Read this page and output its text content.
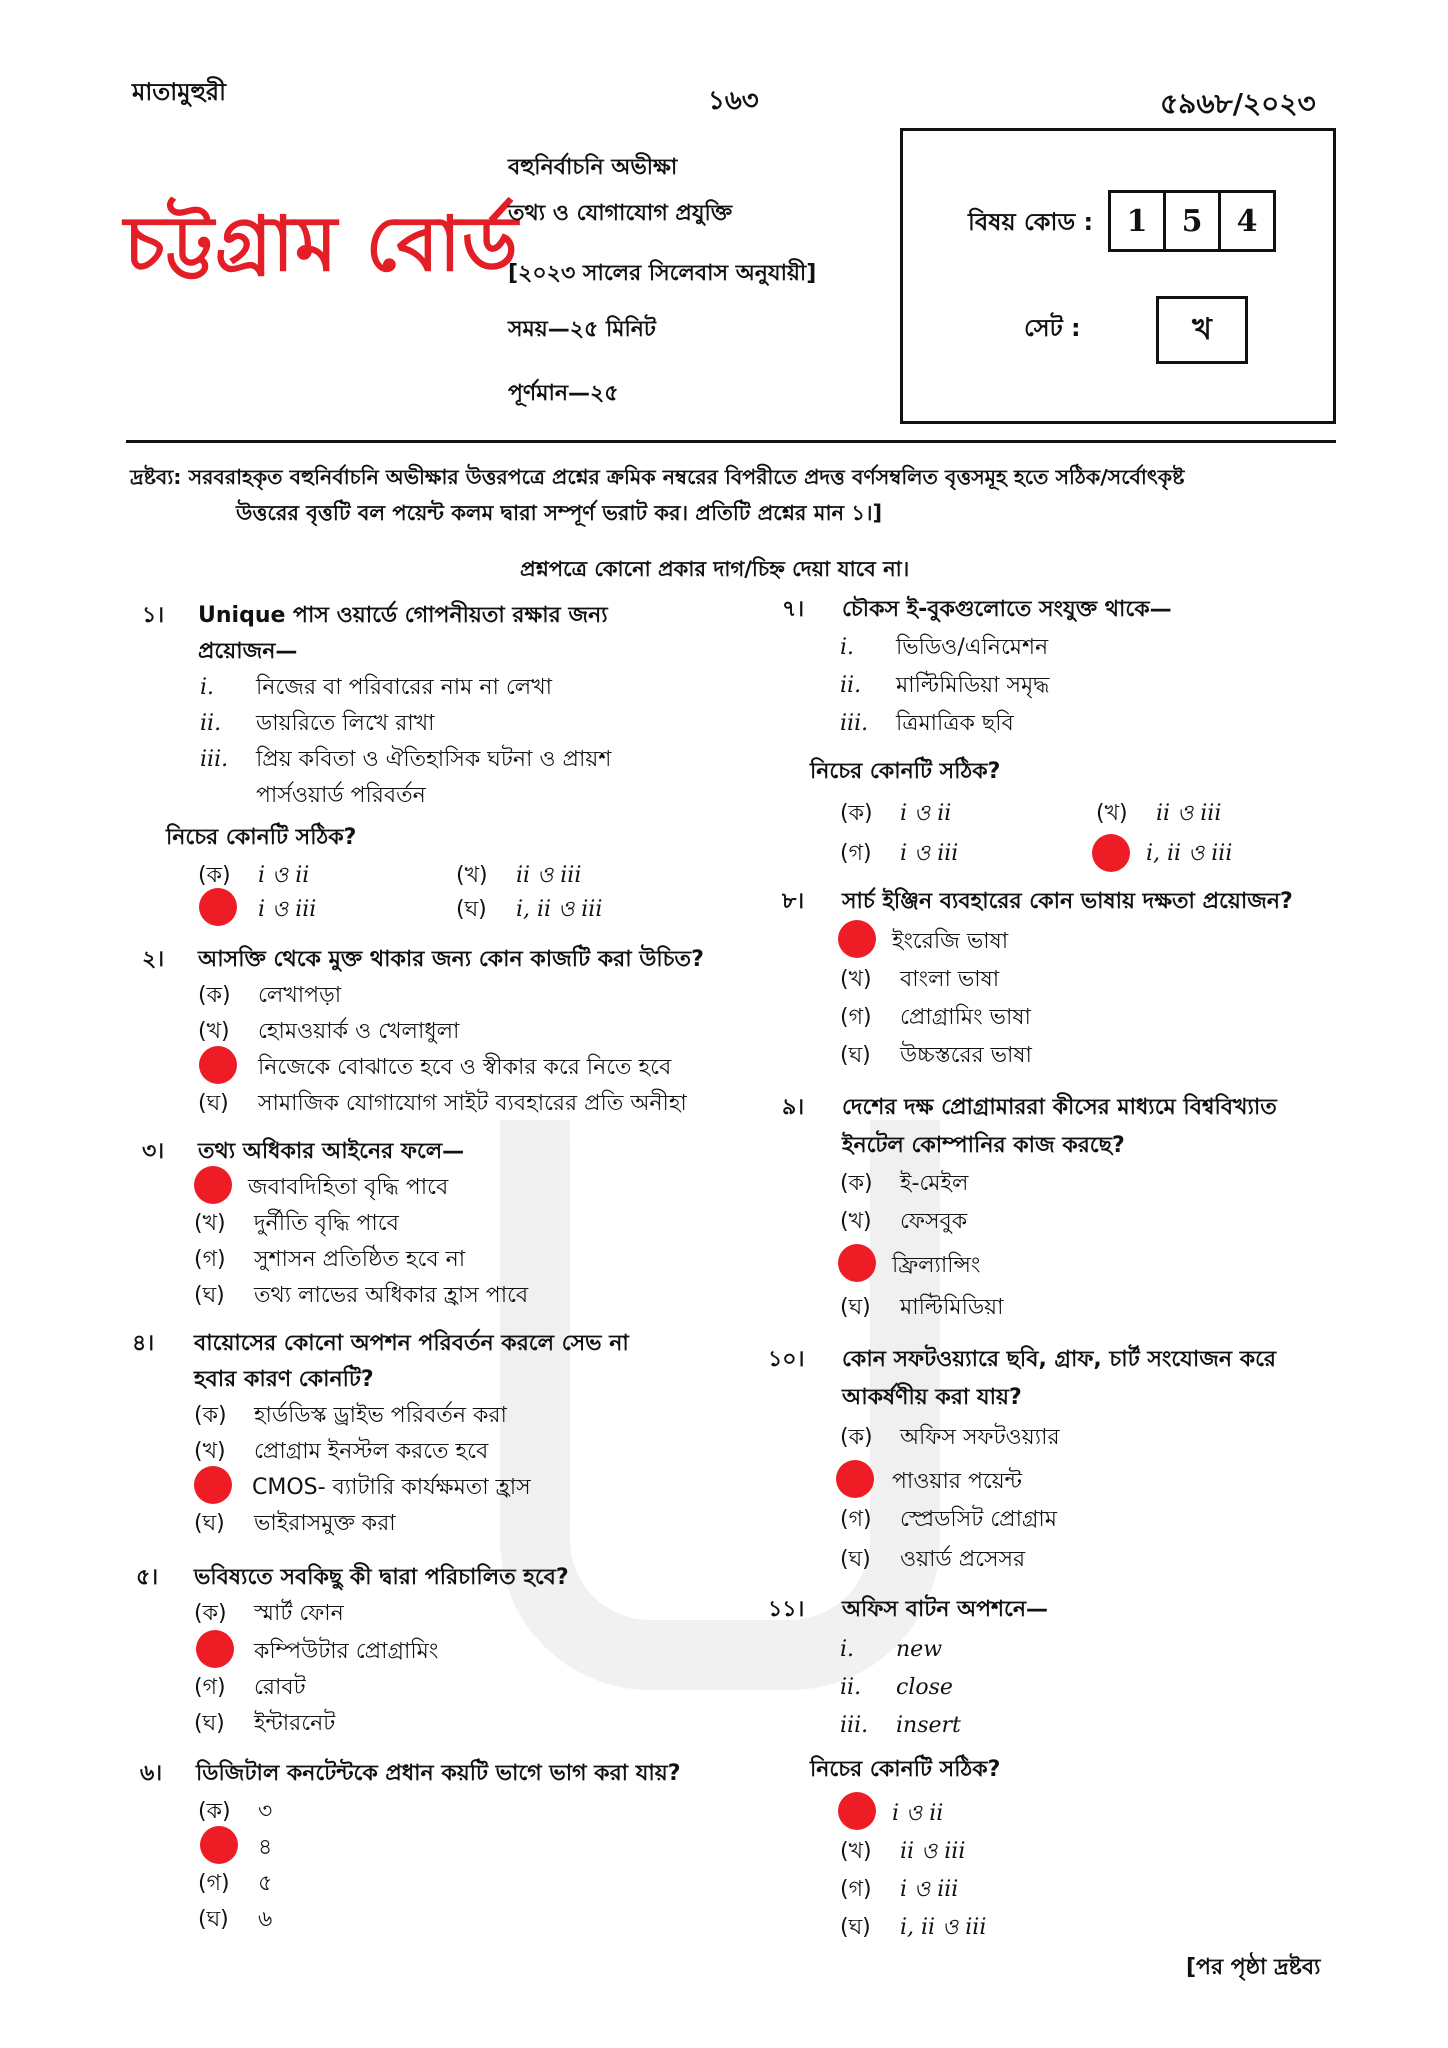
মাতামুহুরী	১৬৩	৫৯৬৮/২০২৩
চট্টগ্রাম বোর্ড
বহুনির্বাচনি অভীক্ষা
তথ্য ও যোগাযোগ প্রযুক্তি
[২০২৩ সালের সিলেবাস অনুযায়ী]
সময়—২৫ মিনিট
পূর্ণমান—২৫
বিষয় কোড :	1	5	4
সেট :	খ
দ্রষ্টব্য: সরবরাহকৃত বহুনির্বাচনি অভীক্ষার উত্তরপত্রে প্রশ্নের ক্রমিক নম্বরের বিপরীতে প্রদত্ত বর্ণসম্বলিত বৃত্তসমূহ হতে সঠিক/সর্বোৎকৃষ্ট
উত্তরের বৃত্তটি বল পয়েন্ট কলম দ্বারা সম্পূর্ণ ভরাট কর। প্রতিটি প্রশ্নের মান ১।]
প্রশ্নপত্রে কোনো প্রকার দাগ/চিহ্ন দেয়া যাবে না।
১। Unique পাস ওয়ার্ডে গোপনীয়তা রক্ষার জন্য
প্রয়োজন—
i. নিজের বা পরিবারের নাম না লেখা
ii. ডায়রিতে লিখে রাখা
iii. প্রিয় কবিতা ও ঐতিহাসিক ঘটনা ও প্রায়শ
পার্সওয়ার্ড পরিবর্তন
নিচের কোনটি সঠিক?
(ক) i ও ii	(খ) ii ও iii
i ও iii	(ঘ) i, ii ও iii
২। আসক্তি থেকে মুক্ত থাকার জন্য কোন কাজটি করা উচিত?
(ক) লেখাপড়া
(খ) হোমওয়ার্ক ও খেলাধুলা
নিজেকে বোঝাতে হবে ও স্বীকার করে নিতে হবে
(ঘ) সামাজিক যোগাযোগ সাইট ব্যবহারের প্রতি অনীহা
৩। তথ্য অধিকার আইনের ফলে—
জবাবদিহিতা বৃদ্ধি পাবে
(খ) দুর্নীতি বৃদ্ধি পাবে
(গ) সুশাসন প্রতিষ্ঠিত হবে না
(ঘ) তথ্য লাভের অধিকার হ্রাস পাবে
৪। বায়োসের কোনো অপশন পরিবর্তন করলে সেভ না
হবার কারণ কোনটি?
(ক) হার্ডডিস্ক ড্রাইভ পরিবর্তন করা
(খ) প্রোগ্রাম ইনস্টল করতে হবে
CMOS- ব্যাটারি কার্যক্ষমতা হ্রাস
(ঘ) ভাইরাসমুক্ত করা
৫। ভবিষ্যতে সবকিছু কী দ্বারা পরিচালিত হবে?
(ক) স্মার্ট ফোন
কম্পিউটার প্রোগ্রামিং
(গ) রোবট
(ঘ) ইন্টারনেট
৬। ডিজিটাল কনটেন্টকে প্রধান কয়টি ভাগে ভাগ করা যায়?
(ক) ৩
৪
(গ) ৫
(ঘ) ৬
৭। চৌকস ই-বুকগুলোতে সংযুক্ত থাকে—
i. ভিডিও/এনিমেশন
ii. মাল্টিমিডিয়া সমৃদ্ধ
iii. ত্রিমাত্রিক ছবি
নিচের কোনটি সঠিক?
(ক) i ও ii	(খ) ii ও iii
(গ) i ও iii	i, ii ও iii
৮। সার্চ ইঞ্জিন ব্যবহারের কোন ভাষায় দক্ষতা প্রয়োজন?
ইংরেজি ভাষা
(খ) বাংলা ভাষা
(গ) প্রোগ্রামিং ভাষা
(ঘ) উচ্চস্তরের ভাষা
৯। দেশের দক্ষ প্রোগ্রামাররা কীসের মাধ্যমে বিশ্ববিখ্যাত
ইনটেল কোম্পানির কাজ করছে?
(ক) ই-মেইল
(খ) ফেসবুক
ফ্রিল্যান্সিং
(ঘ) মাল্টিমিডিয়া
১০। কোন সফটওয়্যারে ছবি, গ্রাফ, চার্ট সংযোজন করে
আকর্ষণীয় করা যায়?
(ক) অফিস সফটওয়্যার
পাওয়ার পয়েন্ট
(গ) স্প্রেডসিট প্রোগ্রাম
(ঘ) ওয়ার্ড প্রসেসর
১১। অফিস বাটন অপশনে—
i. new
ii. close
iii. insert
নিচের কোনটি সঠিক?
i ও ii
(খ) ii ও iii
(গ) i ও iii
(ঘ) i, ii ও iii
[পর পৃষ্ঠা দ্রষ্টব্য
